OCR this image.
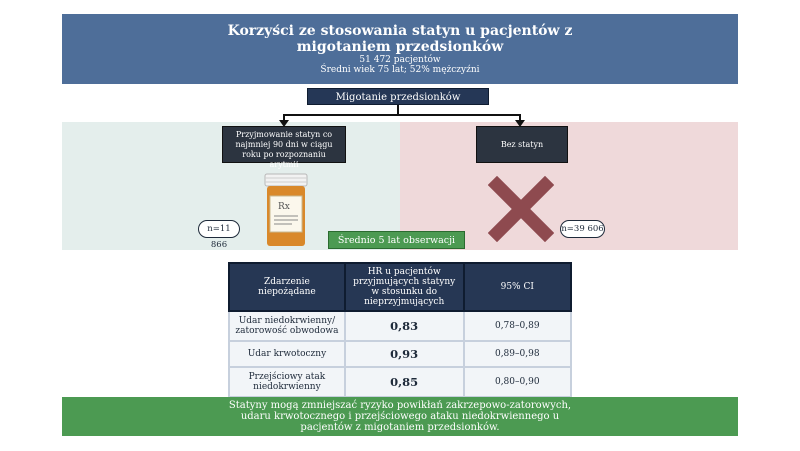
Korzyści ze stosowania statyn u pacjentów z migotaniem przedsionków
51 472 pacjentów
Średni wiek 75 lat; 52% mężczyźni
Migotanie przedsionków
Przyjmowanie statyn co najmniej 90 dni w ciągu roku po rozpoznaniu arytmii
Bez statyn
Rx
n=11 866
n=39 606
Średnio 5 lat obserwacji
Zdarzenie niepożądane	HR u pacjentów przyjmujących statyny w stosunku do nieprzyjmujących	95% CI
Udar niedokrwienny/ zatorowość obwodowa	0,83	0,78–0,89
Udar krwotoczny	0,93	0,89–0,98
Przejściowy atak niedokrwienny	0,85	0,80–0,90
Statyny mogą zmniejszać ryzyko powikłań zakrzepowo-zatorowych, udaru krwotocznego i przejściowego ataku niedokrwiennego u pacjentów z migotaniem przedsionków.
